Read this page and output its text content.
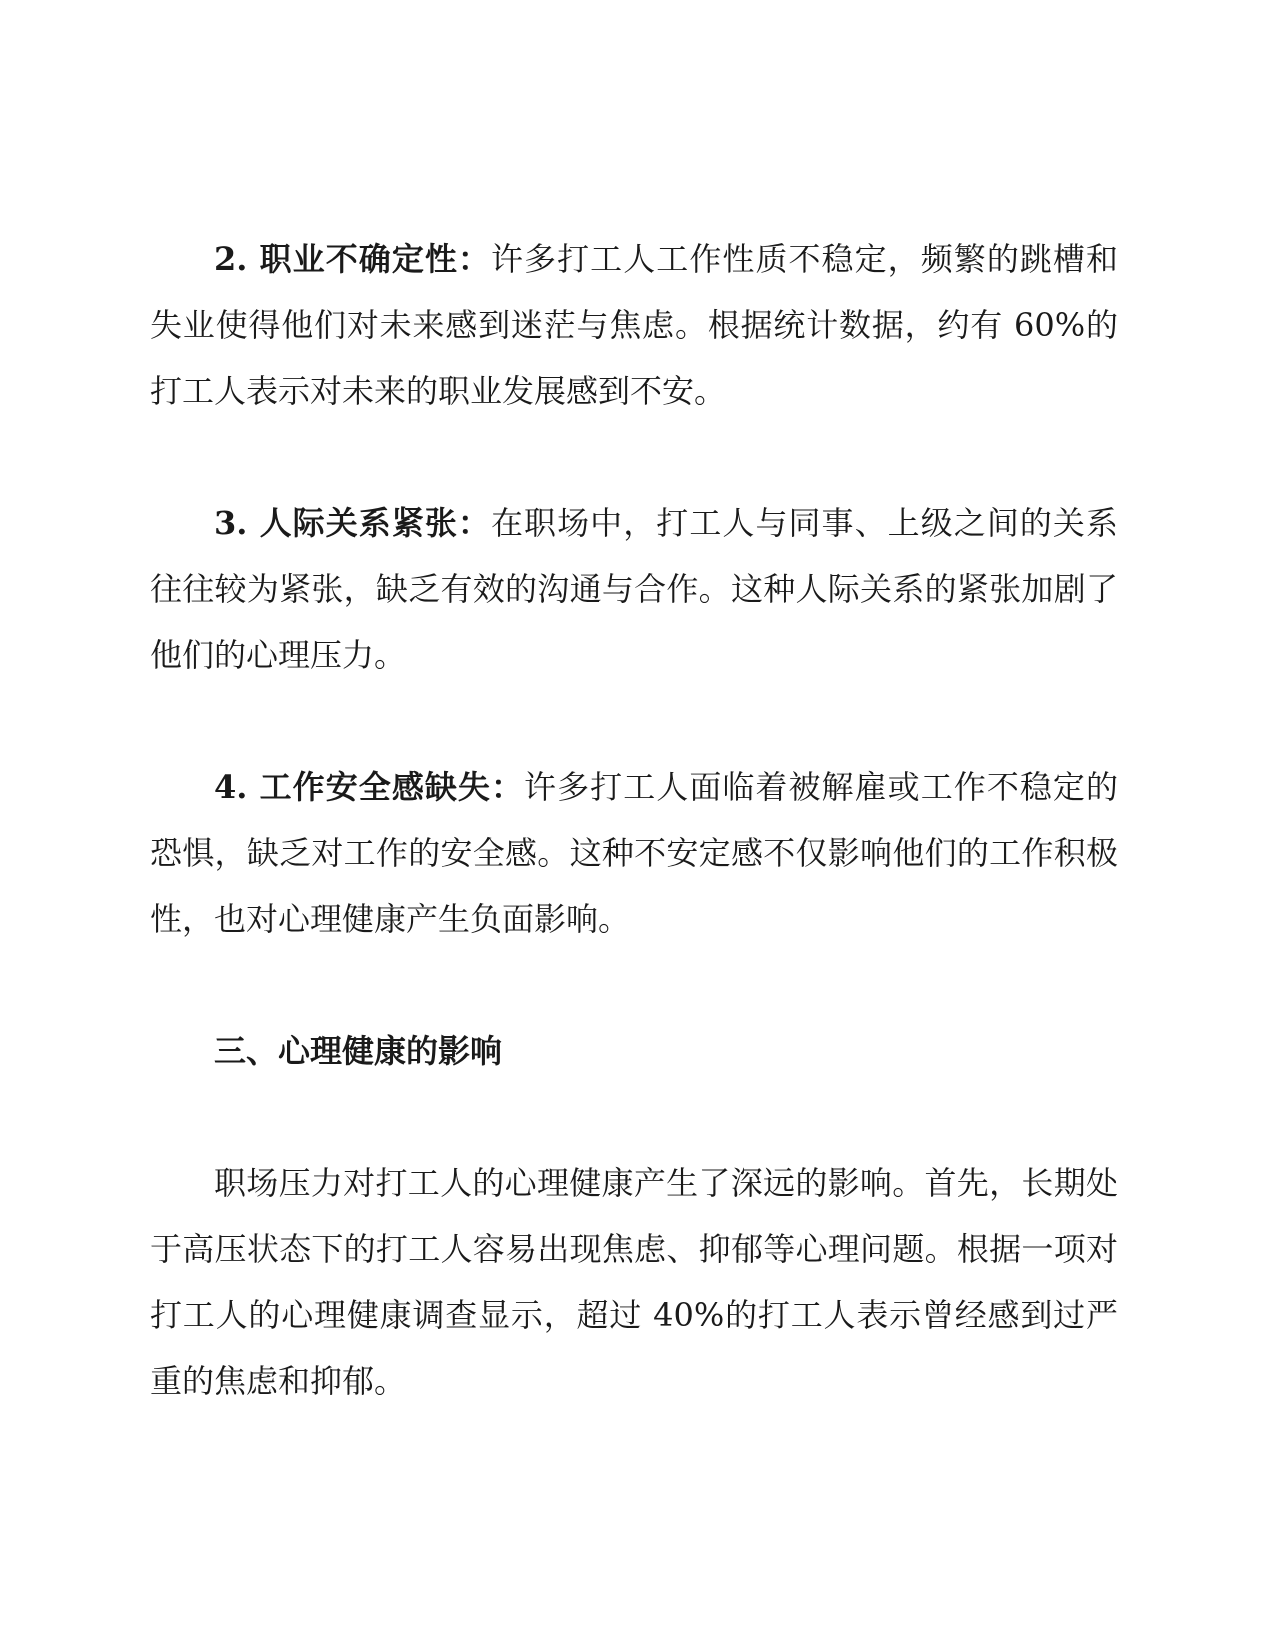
2. 职业不确定性：许多打工人工作性质不稳定，频繁的跳槽和失业使得他们对未来感到迷茫与焦虑。根据统计数据，约有 60%的打工人表示对未来的职业发展感到不安。

3. 人际关系紧张：在职场中，打工人与同事、上级之间的关系往往较为紧张，缺乏有效的沟通与合作。这种人际关系的紧张加剧了他们的心理压力。

4. 工作安全感缺失：许多打工人面临着被解雇或工作不稳定的恐惧，缺乏对工作的安全感。这种不安定感不仅影响他们的工作积极性，也对心理健康产生负面影响。

三、心理健康的影响

职场压力对打工人的心理健康产生了深远的影响。首先，长期处于高压状态下的打工人容易出现焦虑、抑郁等心理问题。根据一项对打工人的心理健康调查显示，超过 40%的打工人表示曾经感到过严重的焦虑和抑郁。
